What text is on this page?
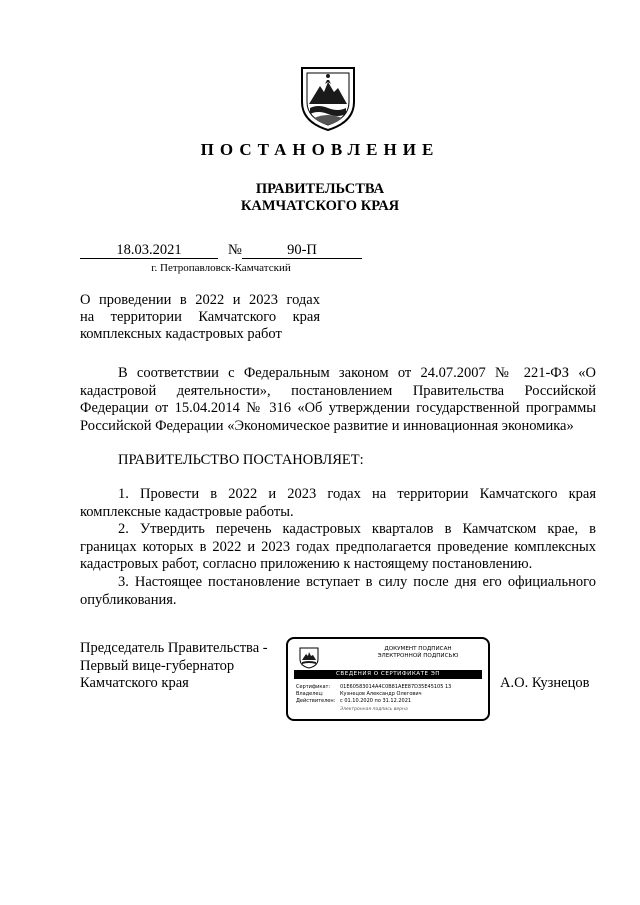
ПОСТАНОВЛЕНИЕ
ПРАВИТЕЛЬСТВА
КАМЧАТСКОГО КРАЯ
18.03.2021	№	90-П
г. Петропавловск-Камчатский
О проведении в 2022 и 2023 годах
на территории Камчатского края
комплексных кадастровых работ
В соответствии с Федеральным законом от 24.07.2007 № 221-ФЗ «О кадастровой деятельности», постановлением Правительства Российской Федерации от 15.04.2014 № 316 «Об утверждении государственной программы Российской Федерации «Экономическое развитие и инновационная экономика»
ПРАВИТЕЛЬСТВО ПОСТАНОВЛЯЕТ:
1. Провести в 2022 и 2023 годах на территории Камчатского края комплексные кадастровые работы.
2. Утвердить перечень кадастровых кварталов в Камчатском крае, в границах которых в 2022 и 2023 годах предполагается проведение комплексных кадастровых работ, согласно приложению к настоящему постановлению.
3. Настоящее постановление вступает в силу после дня его официального опубликования.
Председатель Правительства -
Первый вице-губернатор
Камчатского края
ДОКУМЕНТ ПОДПИСАН
ЭЛЕКТРОННОЙ ПОДПИСЬЮ
СВЕДЕНИЯ О СЕРТИФИКАТЕ ЭП
Сертификат: 01E60583014A4C0B81AEE87D35E45105 13
Владелец:	Кузнецов Александр Олегович
Действителен: с 01.10.2020 по 31.12.2021
Электронная подпись верна
А.О. Кузнецов
